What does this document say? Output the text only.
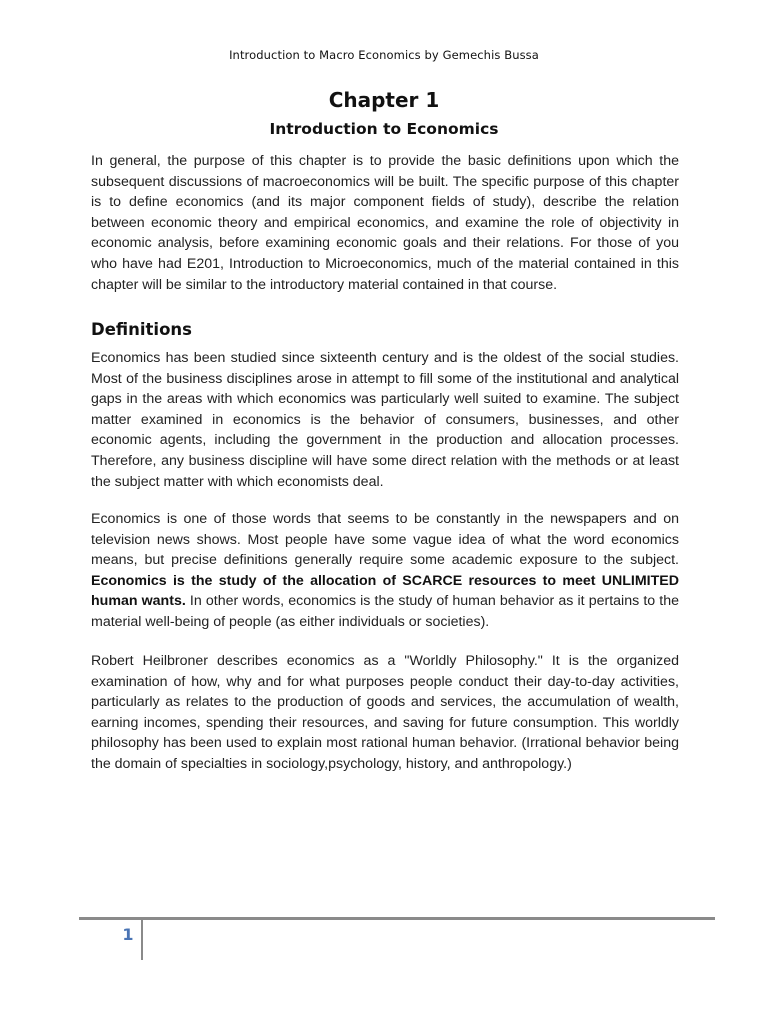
Introduction to Macro Economics by Gemechis Bussa
Chapter 1
Introduction to Economics

In general, the purpose of this chapter is to provide the basic definitions upon which the subsequent discussions of macroeconomics will be built. The specific purpose of this chapter is to define economics (and its major component fields of study), describe the relation between economic theory and empirical economics, and examine the role of objectivity in economic analysis, before examining economic goals and their relations. For those of you who have had E201, Introduction to Microeconomics, much of the material contained in this chapter will be similar to the introductory material contained in that course.

Definitions

Economics has been studied since sixteenth century and is the oldest of the social studies. Most of the business disciplines arose in attempt to fill some of the institutional and analytical gaps in the areas with which economics was particularly well suited to examine. The subject matter examined in economics is the behavior of consumers, businesses, and other economic agents, including the government in the production and allocation processes. Therefore, any business discipline will have some direct relation with the methods or at least the subject matter with which economists deal.

Economics is one of those words that seems to be constantly in the newspapers and on television news shows. Most people have some vague idea of what the word economics means, but precise definitions generally require some academic exposure to the subject. Economics is the study of the allocation of SCARCE resources to meet UNLIMITED human wants. In other words, economics is the study of human behavior as it pertains to the material well-being of people (as either individuals or societies).

Robert Heilbroner describes economics as a "Worldly Philosophy." It is the organized examination of how, why and for what purposes people conduct their day-to-day activities, particularly as relates to the production of goods and services, the accumulation of wealth, earning incomes, spending their resources, and saving for future consumption. This worldly philosophy has been used to explain most rational human behavior. (Irrational behavior being the domain of specialties in sociology,psychology, history, and anthropology.)

1
